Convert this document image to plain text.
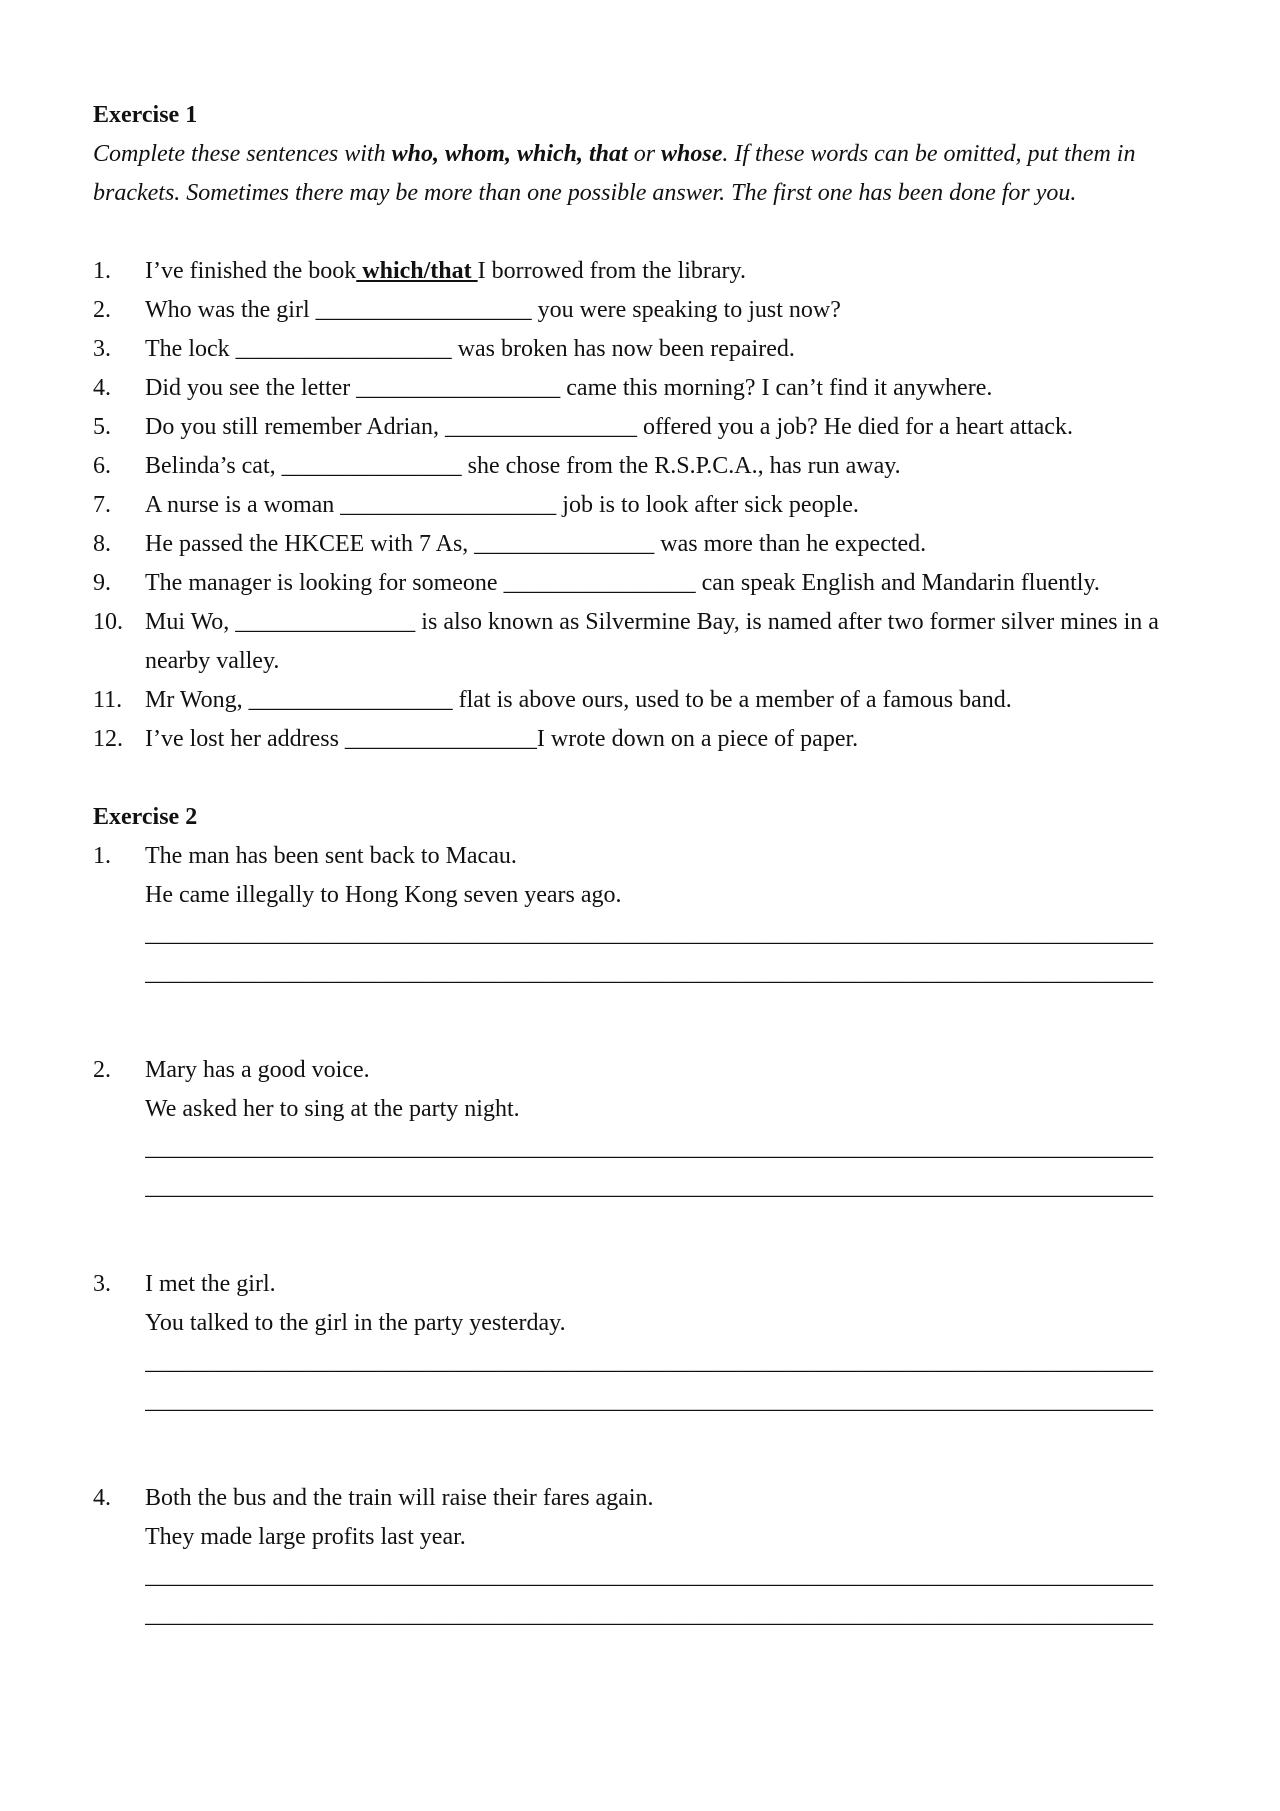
Exercise 1
Complete these sentences with who, whom, which, that or whose. If these words can be omitted, put them in brackets. Sometimes there may be more than one possible answer. The first one has been done for you.
1.	I’ve finished the book which/that I borrowed from the library.
2.	Who was the girl __________________ you were speaking to just now?
3.	The lock __________________ was broken has now been repaired.
4.	Did you see the letter _________________ came this morning? I can’t find it anywhere.
5.	Do you still remember Adrian, ________________ offered you a job? He died for a heart attack.
6.	Belinda’s cat, _______________ she chose from the R.S.P.C.A., has run away.
7.	A nurse is a woman __________________ job is to look after sick people.
8.	He passed the HKCEE with 7 As, _______________ was more than he expected.
9.	The manager is looking for someone ________________ can speak English and Mandarin fluently.
10. Mui Wo, _______________ is also known as Silvermine Bay, is named after two former silver mines in a nearby valley.
11. Mr Wong, _________________ flat is above ours, used to be a member of a famous band.
12. I’ve lost her address ________________I wrote down on a piece of paper.
Exercise 2
1.	The man has been sent back to Macau.
He came illegally to Hong Kong seven years ago.
____________________________________________________________________________________
____________________________________________________________________________________
2.	Mary has a good voice.
We asked her to sing at the party night.
____________________________________________________________________________________
____________________________________________________________________________________
3.	I met the girl.
You talked to the girl in the party yesterday.
____________________________________________________________________________________
____________________________________________________________________________________
4.	Both the bus and the train will raise their fares again.
They made large profits last year.
____________________________________________________________________________________
____________________________________________________________________________________
